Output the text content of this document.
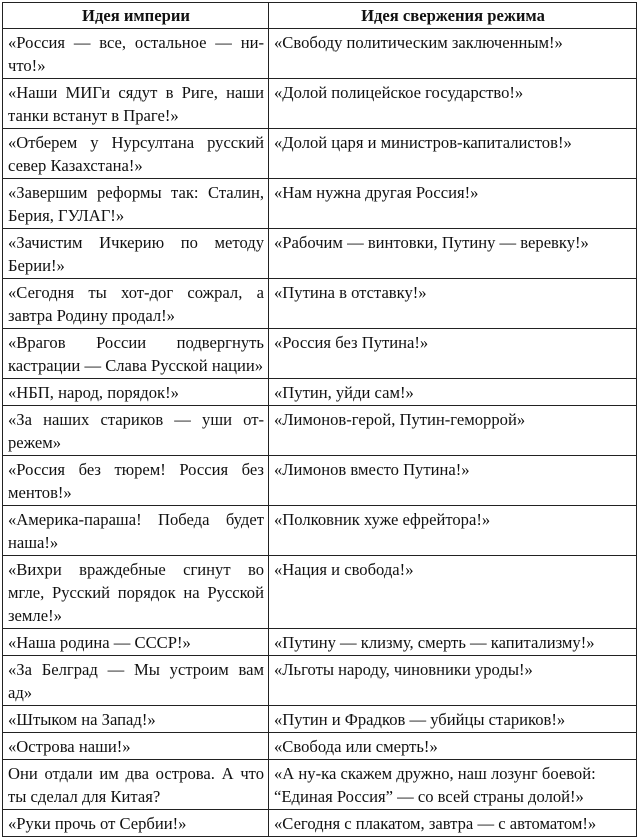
Идея империи	Идея свержения режима
«Россия — все, остальное — ничто!»	«Свободу политическим заключенным!»
«Наши МИГи сядут в Риге, наши танки встанут в Праге!»	«Долой полицейское государство!»
«Отберем у Нурсултана русский север Казахстана!»	«Долой царя и министров-капиталистов!»
«Завершим реформы так: Сталин, Берия, ГУЛАГ!»	«Нам нужна другая Россия!»
«Зачистим Ичкерию по методу Берии!»	«Рабочим — винтовки, Путину — веревку!»
«Сегодня ты хот-дог сожрал, а завтра Родину продал!»	«Путина в отставку!»
«Врагов России подвергнуть кастрации — Слава Русской нации»	«Россия без Путина!»
«НБП, народ, порядок!»	«Путин, уйди сам!»
«За наших стариков — уши отрежем»	«Лимонов-герой, Путин-геморрой»
«Россия без тюрем! Россия без ментов!»	«Лимонов вместо Путина!»
«Америка-параша! Победа будет наша!»	«Полковник хуже ефрейтора!»
«Вихри враждебные сгинут во мгле, Русский порядок на Русской земле!»	«Нация и свобода!»
«Наша родина — СССР!»	«Путину — клизму, смерть — капитализму!»
«За Белград — Мы устроим вам ад»	«Льготы народу, чиновники уроды!»
«Штыком на Запад!»	«Путин и Фрадков — убийцы стариков!»
«Острова наши!»	«Свобода или смерть!»
Они отдали им два острова. А что ты сделал для Китая?	«А ну-ка скажем дружно, наш лозунг боевой: “Единая Россия” — со всей страны долой!»
«Руки прочь от Сербии!»	«Сегодня с плакатом, завтра — с автоматом!»
